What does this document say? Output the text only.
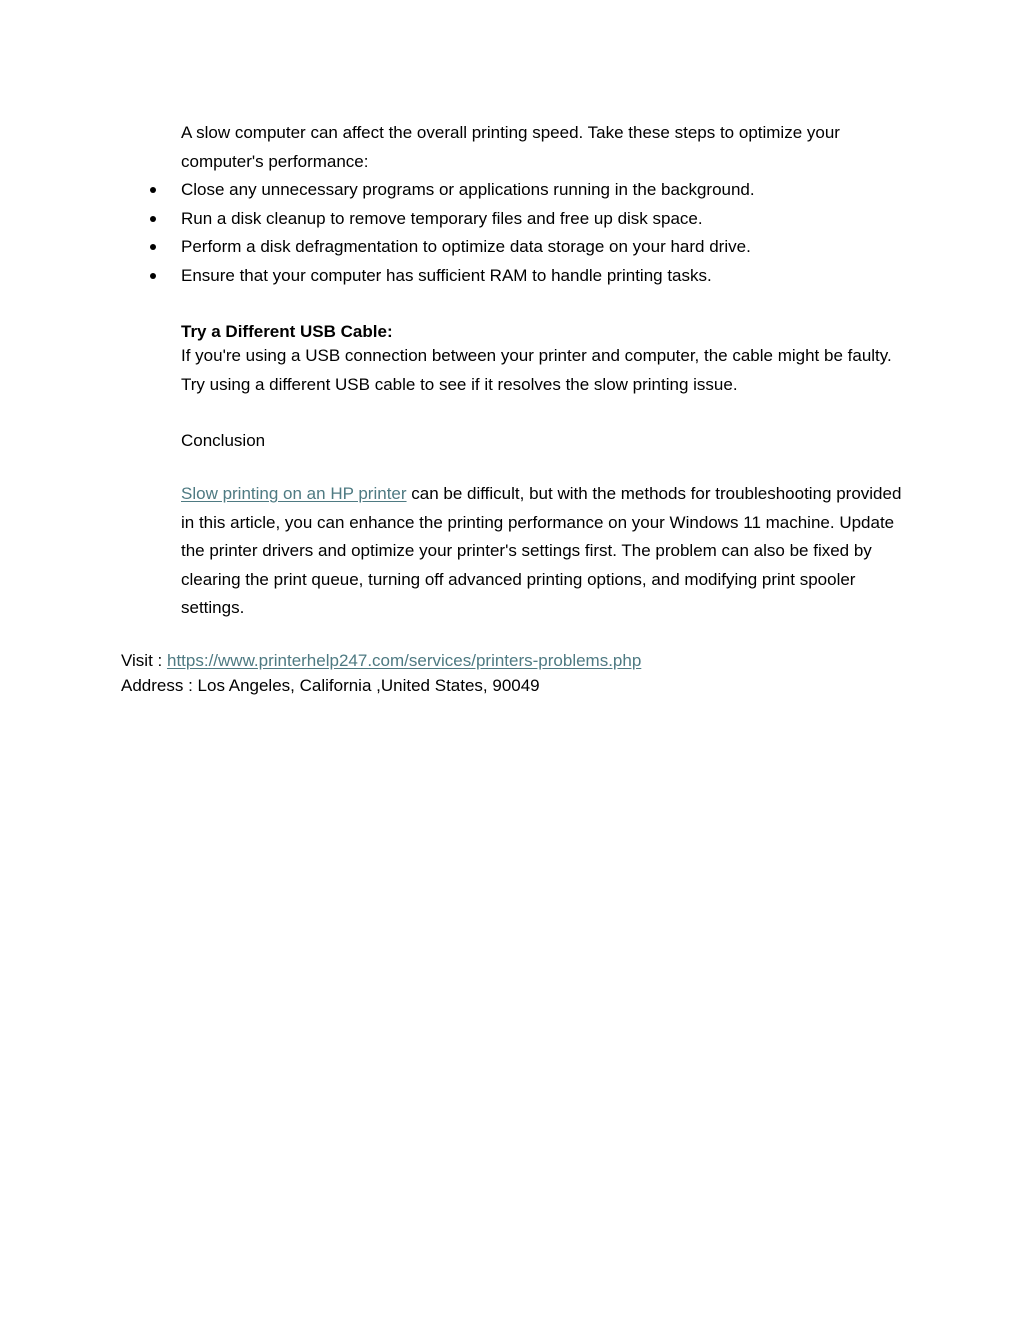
A slow computer can affect the overall printing speed. Take these steps to optimize your computer's performance:
Close any unnecessary programs or applications running in the background.
Run a disk cleanup to remove temporary files and free up disk space.
Perform a disk defragmentation to optimize data storage on your hard drive.
Ensure that your computer has sufficient RAM to handle printing tasks.
Try a Different USB Cable:
If you're using a USB connection between your printer and computer, the cable might be faulty. Try using a different USB cable to see if it resolves the slow printing issue.
Conclusion
Slow printing on an HP printer can be difficult, but with the methods for troubleshooting provided in this article, you can enhance the printing performance on your Windows 11 machine. Update the printer drivers and optimize your printer's settings first. The problem can also be fixed by clearing the print queue, turning off advanced printing options, and modifying print spooler settings.
Visit : https://www.printerhelp247.com/services/printers-problems.php
Address : Los Angeles, California ,United States, 90049
